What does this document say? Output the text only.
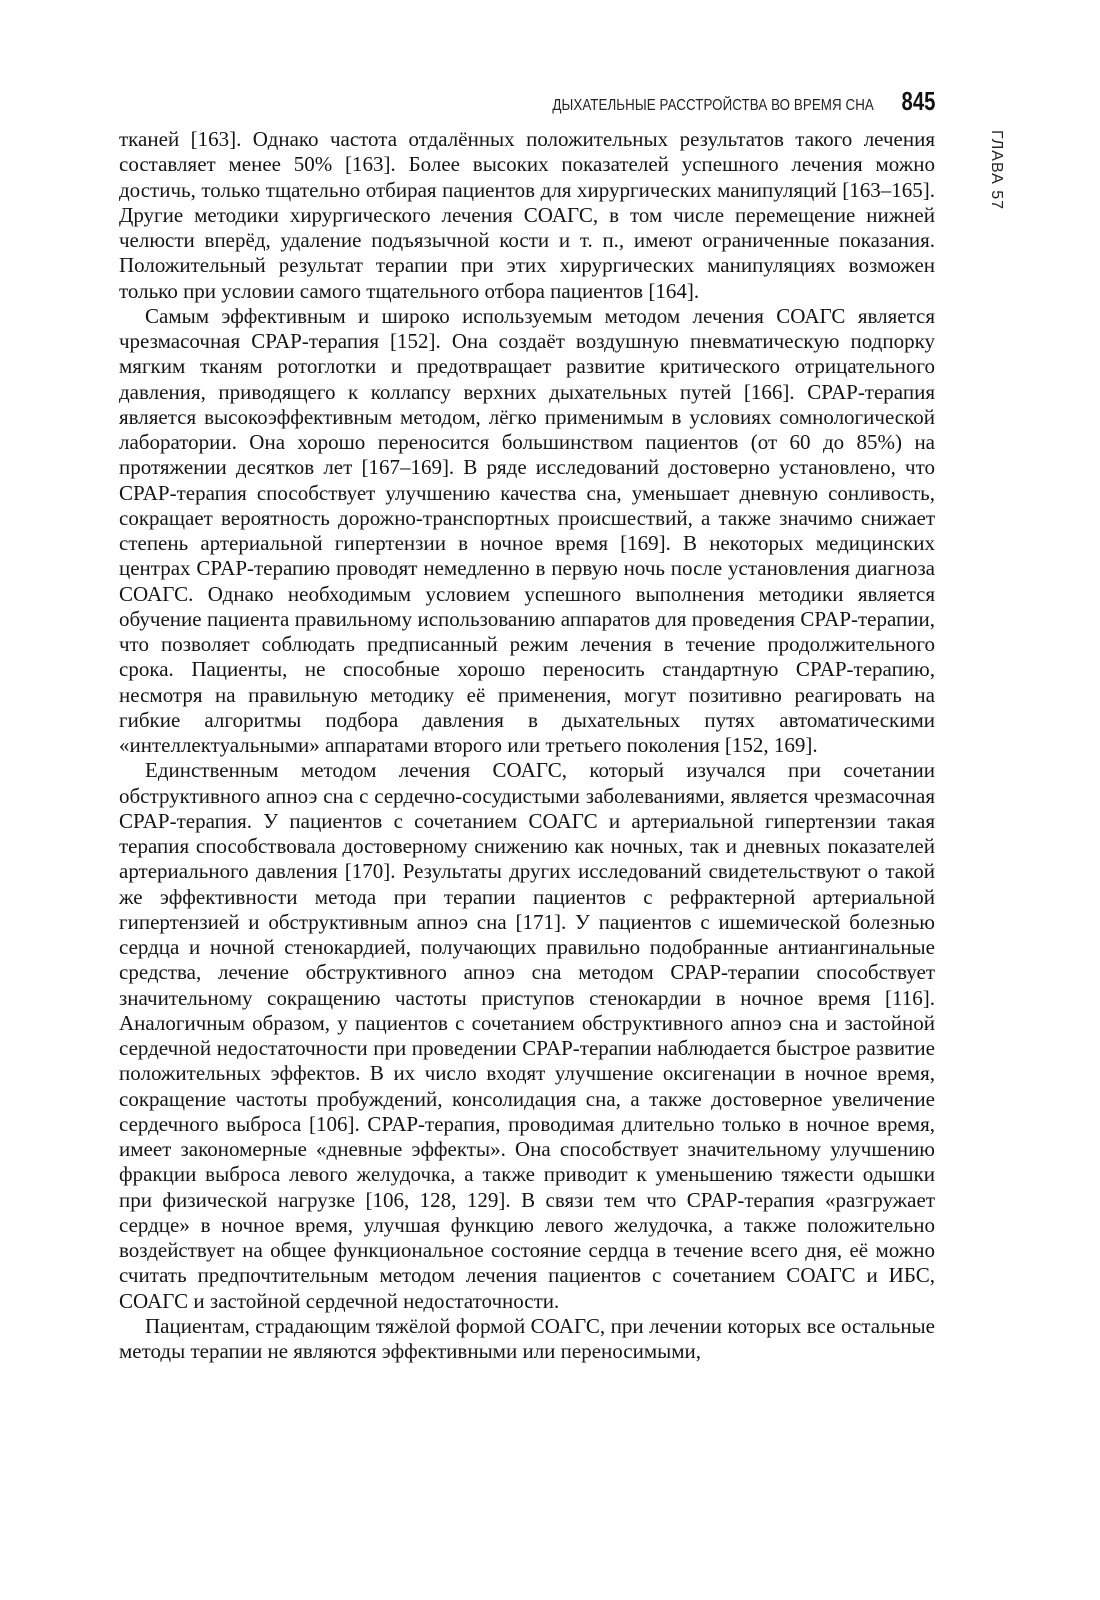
ДЫХАТЕЛЬНЫЕ РАССТРОЙСТВА ВО ВРЕМЯ СНА 845
ГЛАВА 57

тканей [163]. Однако частота отдалённых положительных результатов такого лечения составляет менее 50% [163]. Более высоких показателей успешного лечения можно достичь, только тщательно отбирая пациентов для хирургических манипуляций [163–165]. Другие методики хирургического лечения СОАГС, в том числе перемещение нижней челюсти вперёд, удаление подъязычной кости и т. п., имеют ограниченные показания. Положительный результат терапии при этих хирургических манипуляциях возможен только при условии самого тщательного отбора пациентов [164].

Самым эффективным и широко используемым методом лечения СОАГС является чрезмасочная CPAP-терапия [152]. Она создаёт воздушную пневматическую подпорку мягким тканям ротоглотки и предотвращает развитие критического отрицательного давления, приводящего к коллапсу верхних дыхательных путей [166]. CPAP-терапия является высокоэффективным методом, лёгко применимым в условиях сомнологической лаборатории. Она хорошо переносится большинством пациентов (от 60 до 85%) на протяжении десятков лет [167–169]. В ряде исследований достоверно установлено, что CPAP-терапия способствует улучшению качества сна, уменьшает дневную сонливость, сокращает вероятность дорожно-транспортных происшествий, а также значимо снижает степень артериальной гипертензии в ночное время [169]. В некоторых медицинских центрах CPAP-терапию проводят немедленно в первую ночь после установления диагноза СОАГС. Однако необходимым условием успешного выполнения методики является обучение пациента правильному использованию аппаратов для проведения CPAP-терапии, что позволяет соблюдать предписанный режим лечения в течение продолжительного срока. Пациенты, не способные хорошо переносить стандартную CPAP-терапию, несмотря на правильную методику её применения, могут позитивно реагировать на гибкие алгоритмы подбора давления в дыхательных путях автоматическими «интеллектуальными» аппаратами второго или третьего поколения [152, 169].

Единственным методом лечения СОАГС, который изучался при сочетании обструктивного апноэ сна с сердечно-сосудистыми заболеваниями, является чрезмасочная CPAP-терапия. У пациентов с сочетанием СОАГС и артериальной гипертензии такая терапия способствовала достоверному снижению как ночных, так и дневных показателей артериального давления [170]. Результаты других исследований свидетельствуют о такой же эффективности метода при терапии пациентов с рефрактерной артериальной гипертензией и обструктивным апноэ сна [171]. У пациентов с ишемической болезнью сердца и ночной стенокардией, получающих правильно подобранные антиангинальные средства, лечение обструктивного апноэ сна методом CPAP-терапии способствует значительному сокращению частоты приступов стенокардии в ночное время [116]. Аналогичным образом, у пациентов с сочетанием обструктивного апноэ сна и застойной сердечной недостаточности при проведении CPAP-терапии наблюдается быстрое развитие положительных эффектов. В их число входят улучшение оксигенации в ночное время, сокращение частоты пробуждений, консолидация сна, а также достоверное увеличение сердечного выброса [106]. CPAP-терапия, проводимая длительно только в ночное время, имеет закономерные «дневные эффекты». Она способствует значительному улучшению фракции выброса левого желудочка, а также приводит к уменьшению тяжести одышки при физической нагрузке [106, 128, 129]. В связи тем что CPAP-терапия «разгружает сердце» в ночное время, улучшая функцию левого желудочка, а также положительно воздействует на общее функциональное состояние сердца в течение всего дня, её можно считать предпочтительным методом лечения пациентов с сочетанием СОАГС и ИБС, СОАГС и застойной сердечной недостаточности.

Пациентам, страдающим тяжёлой формой СОАГС, при лечении которых все остальные методы терапии не являются эффективными или переносимыми,
